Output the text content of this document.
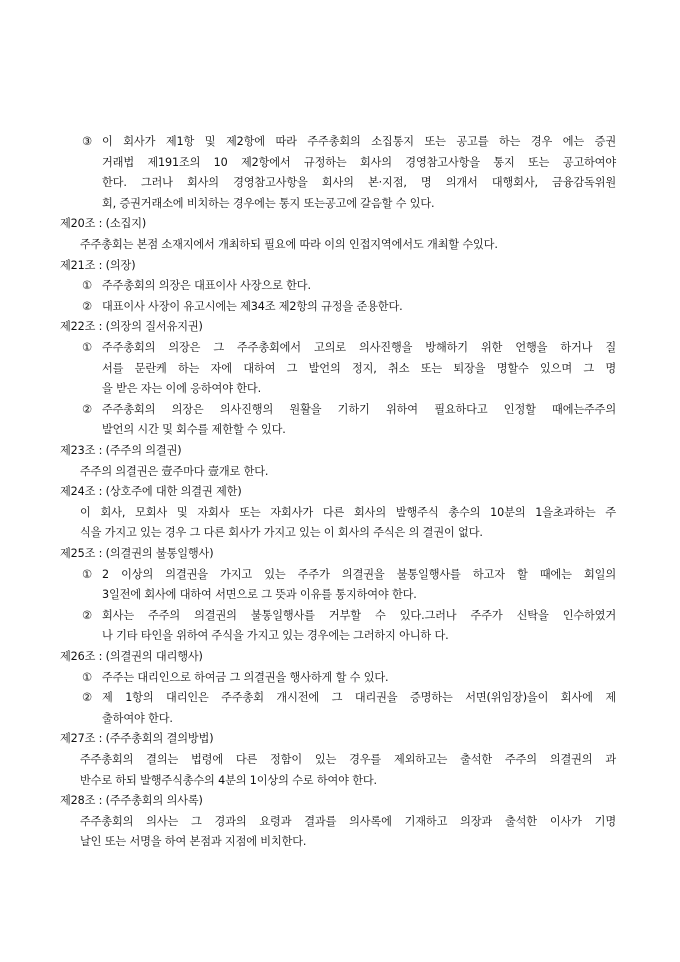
③ 이 회사가 제1항 및 제2항에 따라 주주총회의 소집통지 또는 공고를 하는 경우 에는 증권
거래법 제191조의 10 제2항에서 규정하는 회사의 경영참고사항을 통지 또는 공고하여야
한다. 그러나 회사의 경영참고사항을 회사의 본·지점, 명 의개서 대행회사, 금융감독위원
회, 증권거래소에 비치하는 경우에는 통지 또는공고에 갈음할 수 있다.
제20조 : (소집지)
주주총회는 본점 소재지에서 개최하되 필요에 따라 이의 인접지역에서도 개최할 수있다.
제21조 : (의장)
① 주주총회의 의장은 대표이사 사장으로 한다.
② 대표이사 사장이 유고시에는 제34조 제2항의 규정을 준용한다.
제22조 : (의장의 질서유지권)
① 주주총회의 의장은 그 주주총회에서 고의로 의사진행을 방해하기 위한 언행을 하거나 질
서를 문란케 하는 자에 대하여 그 발언의 정지, 취소 또는 퇴장을 명할수 있으며 그 명
을 받은 자는 이에 응하여야 한다.
② 주주총회의 의장은 의사진행의 원활을 기하기 위하여 필요하다고 인정할 때에는주주의
발언의 시간 및 회수를 제한할 수 있다.
제23조 : (주주의 의결권)
주주의 의결권은 壹주마다 壹개로 한다.
제24조 : (상호주에 대한 의결권 제한)
이 회사, 모회사 및 자회사 또는 자회사가 다른 회사의 발행주식 총수의 10분의 1을초과하는 주
식을 가지고 있는 경우 그 다른 회사가 가지고 있는 이 회사의 주식은 의 결권이 없다.
제25조 : (의결권의 불통일행사)
① 2 이상의 의결권을 가지고 있는 주주가 의결권을 불통일행사를 하고자 할 때에는 회일의
3일전에 회사에 대하여 서면으로 그 뜻과 이유를 통지하여야 한다.
② 회사는 주주의 의결권의 불통일행사를 거부할 수 있다.그러나 주주가 신탁을 인수하였거
나 기타 타인을 위하여 주식을 가지고 있는 경우에는 그러하지 아니하 다.
제26조 : (의결권의 대리행사)
① 주주는 대리인으로 하여금 그 의결권을 행사하게 할 수 있다.
② 제 1항의 대리인은 주주총회 개시전에 그 대리권을 증명하는 서면(위임장)을이 회사에 제
출하여야 한다.
제27조 : (주주총회의 결의방법)
주주총회의 결의는 법령에 다른 정함이 있는 경우를 제외하고는 출석한 주주의 의결권의 과
반수로 하되 발행주식총수의 4분의 1이상의 수로 하여야 한다.
제28조 : (주주총회의 의사록)
주주총회의 의사는 그 경과의 요령과 결과를 의사록에 기재하고 의장과 출석한 이사가 기명
날인 또는 서명을 하여 본점과 지점에 비치한다.
